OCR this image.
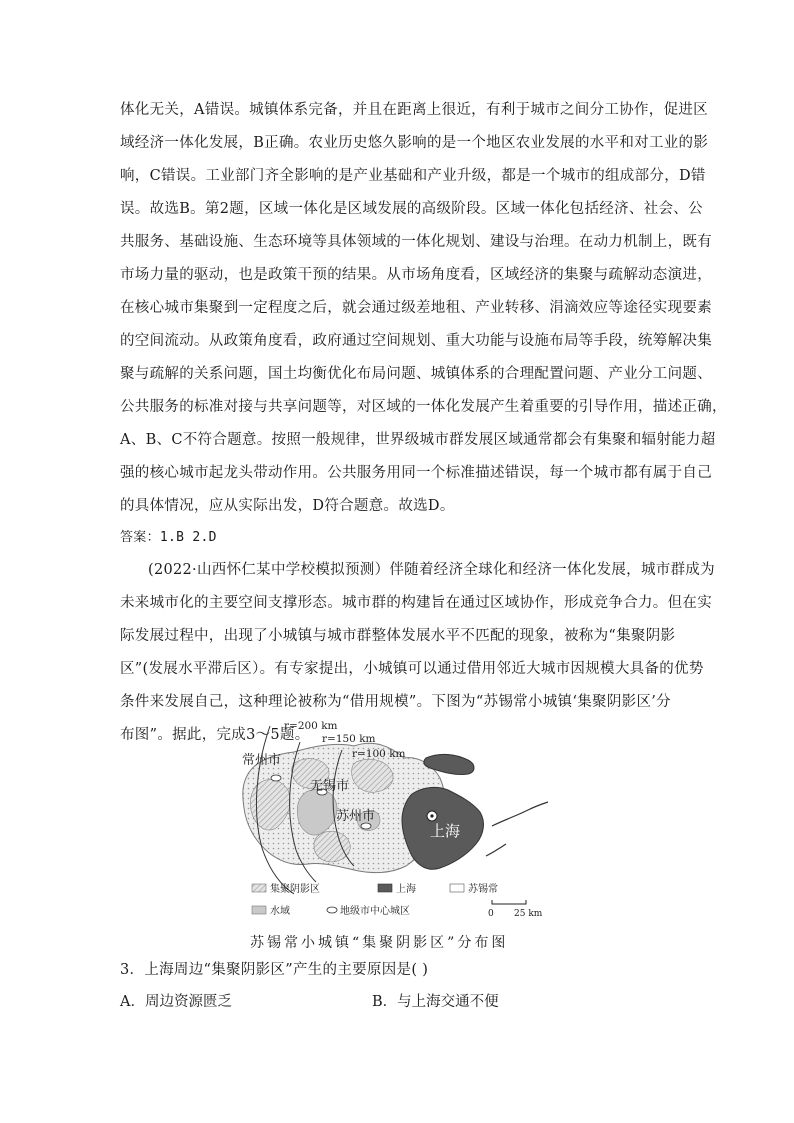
体化无关，A错误。城镇体系完备，并且在距离上很近，有利于城市之间分工协作，促进区
域经济一体化发展，B正确。农业历史悠久影响的是一个地区农业发展的水平和对工业的影
响，C错误。工业部门齐全影响的是产业基础和产业升级，都是一个城市的组成部分，D错
误。故选B。第2题，区域一体化是区域发展的高级阶段。区域一体化包括经济、社会、公
共服务、基础设施、生态环境等具体领域的一体化规划、建设与治理。在动力机制上，既有
市场力量的驱动，也是政策干预的结果。从市场角度看，区域经济的集聚与疏解动态演进，
在核心城市集聚到一定程度之后，就会通过级差地租、产业转移、涓滴效应等途径实现要素
的空间流动。从政策角度看，政府通过空间规划、重大功能与设施布局等手段，统筹解决集
聚与疏解的关系问题，国土均衡优化布局问题、城镇体系的合理配置问题、产业分工问题、
公共服务的标准对接与共享问题等，对区域的一体化发展产生着重要的引导作用，描述正确，
A、B、C不符合题意。按照一般规律，世界级城市群发展区域通常都会有集聚和辐射能力超
强的核心城市起龙头带动作用。公共服务用同一个标准描述错误，每一个城市都有属于自己
的具体情况，应从实际出发，D符合题意。故选D。
答案：1.B 2.D
(2022·山西怀仁某中学校模拟预测）伴随着经济全球化和经济一体化发展，城市群成为
未来城市化的主要空间支撑形态。城市群的构建旨在通过区域协作，形成竞争合力。但在实
际发展过程中，出现了小城镇与城市群整体发展水平不匹配的现象，被称为“集聚阴影
区”(发展水平滞后区）。有专家提出，小城镇可以通过借用邻近大城市因规模大具备的优势
条件来发展自己，这种理论被称为“借用规模”。下图为“苏锡常小城镇‘集聚阴影区’分
布图”。据此，完成3～5题。
r=200 km
r=150 km
r=100 km
常州市
无锡市
苏州市
上海
集聚阴影区	上海	苏锡常
水域	地级市中心城区	0 25 km
苏锡常小城镇“集聚阴影区”分布图
3．上海周边“集聚阴影区”产生的主要原因是( )
A．周边资源匮乏	B．与上海交通不便
